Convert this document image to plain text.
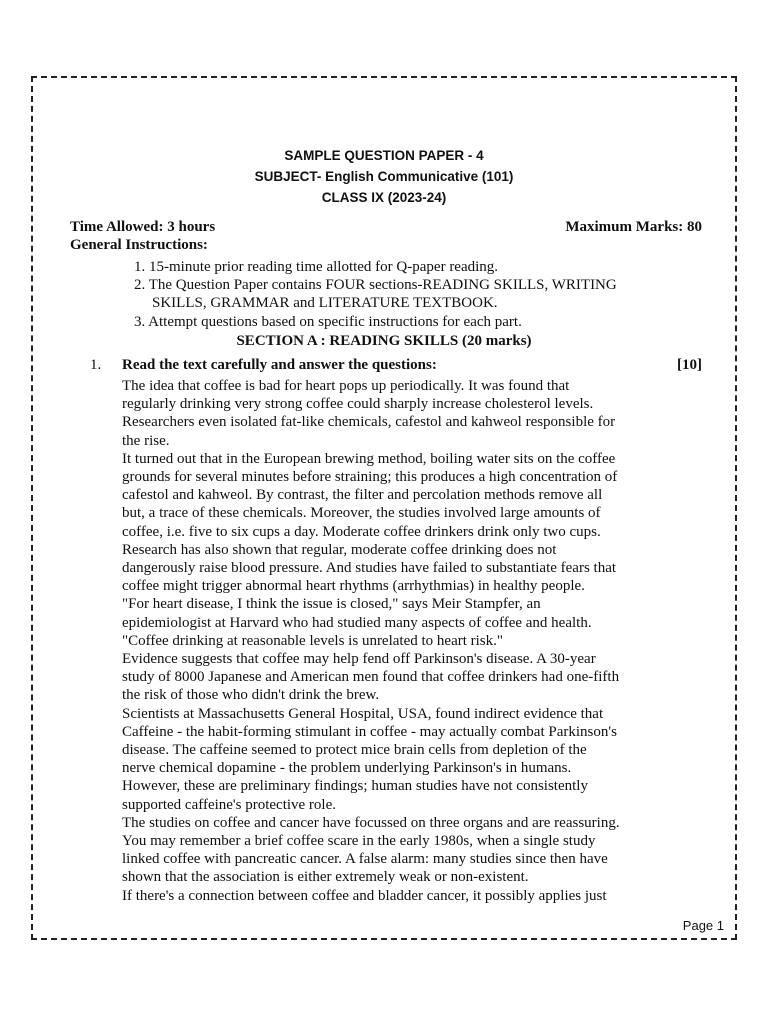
SAMPLE QUESTION PAPER - 4
SUBJECT- English Communicative (101)
CLASS IX (2023-24)
Time Allowed: 3 hours	Maximum Marks: 80
General Instructions:
1. 15-minute prior reading time allotted for Q-paper reading.
2. The Question Paper contains FOUR sections-READING SKILLS, WRITING
SKILLS, GRAMMAR and LITERATURE TEXTBOOK.
3. Attempt questions based on specific instructions for each part.
SECTION A : READING SKILLS (20 marks)
1. Read the text carefully and answer the questions:	[10]
The idea that coffee is bad for heart pops up periodically. It was found that
regularly drinking very strong coffee could sharply increase cholesterol levels.
Researchers even isolated fat-like chemicals, cafestol and kahweol responsible for
the rise.
It turned out that in the European brewing method, boiling water sits on the coffee
grounds for several minutes before straining; this produces a high concentration of
cafestol and kahweol. By contrast, the filter and percolation methods remove all
but, a trace of these chemicals. Moreover, the studies involved large amounts of
coffee, i.e. five to six cups a day. Moderate coffee drinkers drink only two cups.
Research has also shown that regular, moderate coffee drinking does not
dangerously raise blood pressure. And studies have failed to substantiate fears that
coffee might trigger abnormal heart rhythms (arrhythmias) in healthy people.
"For heart disease, I think the issue is closed," says Meir Stampfer, an
epidemiologist at Harvard who had studied many aspects of coffee and health.
"Coffee drinking at reasonable levels is unrelated to heart risk."
Evidence suggests that coffee may help fend off Parkinson's disease. A 30-year
study of 8000 Japanese and American men found that coffee drinkers had one-fifth
the risk of those who didn't drink the brew.
Scientists at Massachusetts General Hospital, USA, found indirect evidence that
Caffeine - the habit-forming stimulant in coffee - may actually combat Parkinson's
disease. The caffeine seemed to protect mice brain cells from depletion of the
nerve chemical dopamine - the problem underlying Parkinson's in humans.
However, these are preliminary findings; human studies have not consistently
supported caffeine's protective role.
The studies on coffee and cancer have focussed on three organs and are reassuring.
You may remember a brief coffee scare in the early 1980s, when a single study
linked coffee with pancreatic cancer. A false alarm: many studies since then have
shown that the association is either extremely weak or non-existent.
If there's a connection between coffee and bladder cancer, it possibly applies just
Page 1
